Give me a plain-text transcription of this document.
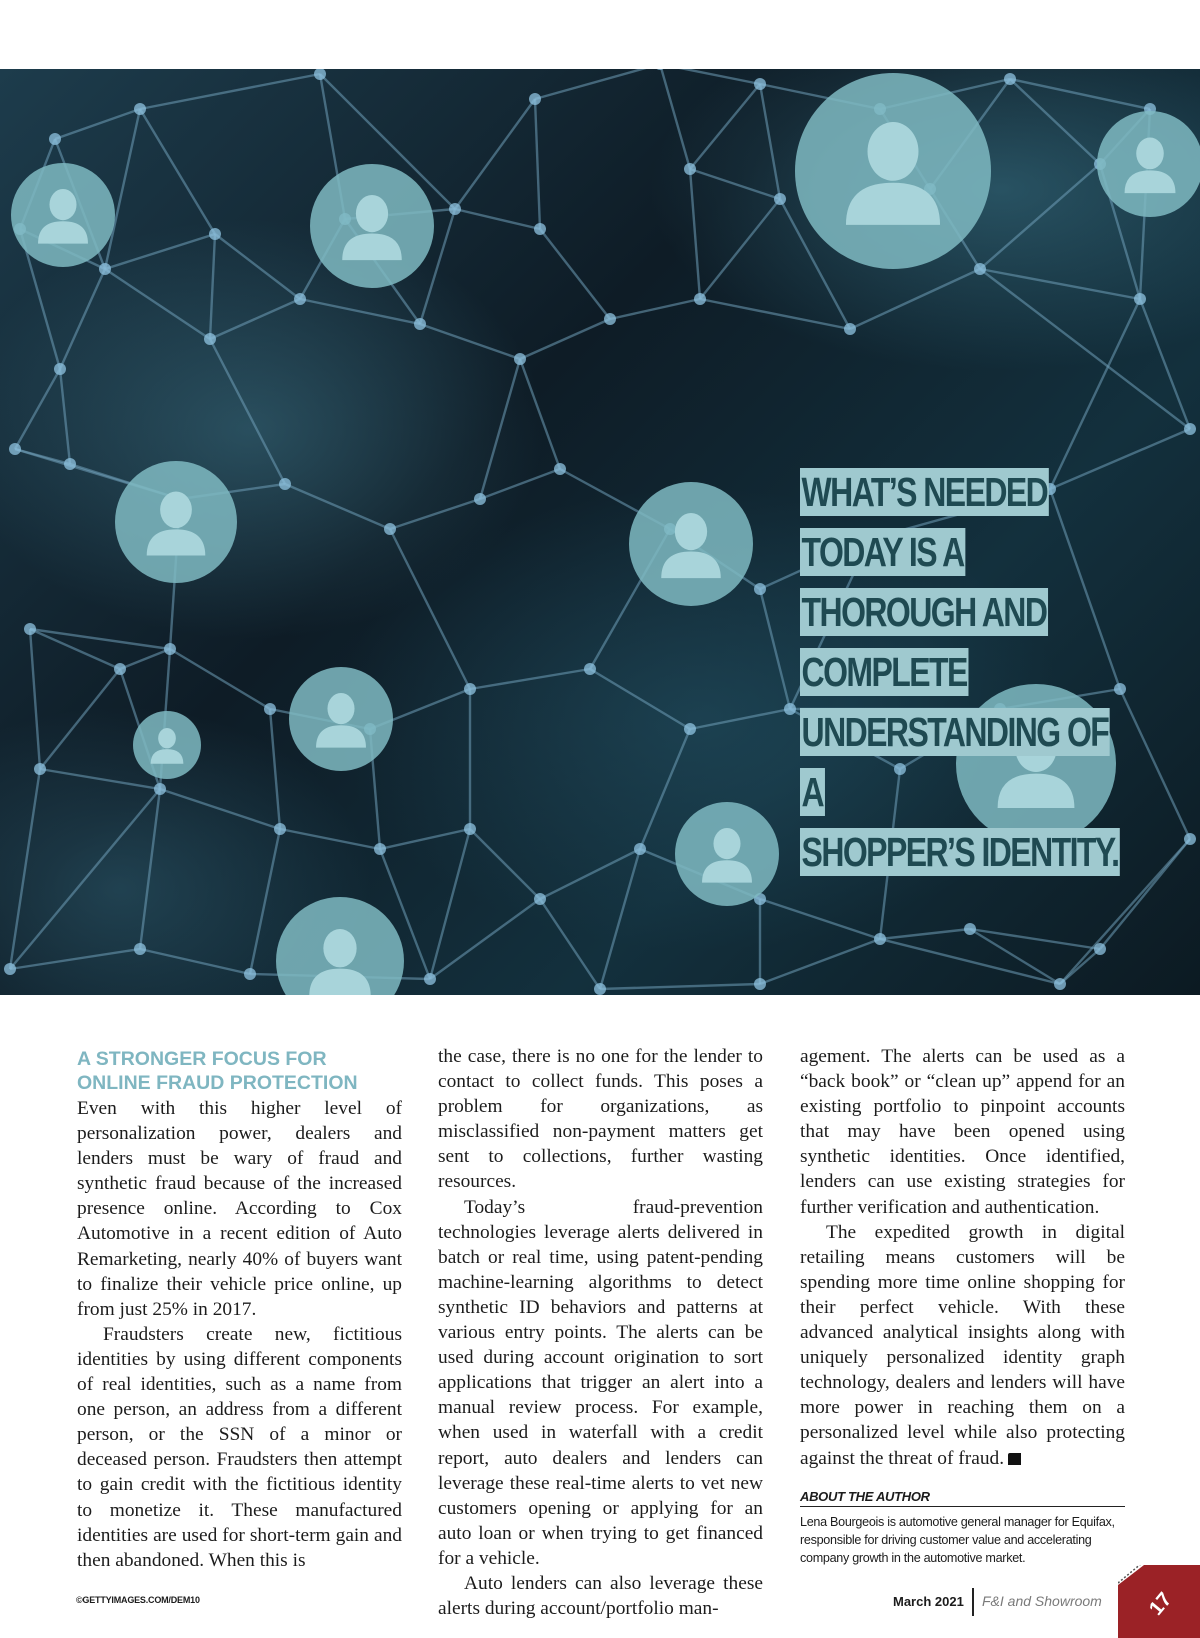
WHAT’S NEEDED TODAY IS A
THOROUGH AND COMPLETE
UNDERSTANDING OF A
SHOPPER’S IDENTITY.
A STRONGER FOCUS FOR ONLINE FRAUD PROTECTION

Even with this higher level of personalization power, dealers and lenders must be wary of fraud and synthetic fraud because of the increased presence online. According to Cox Automotive in a recent edition of Auto Remarketing, nearly 40% of buyers want to finalize their vehicle price online, up from just 25% in 2017.

Fraudsters create new, fictitious identities by using different components of real identities, such as a name from one person, an address from a different person, or the SSN of a minor or deceased person. Fraudsters then attempt to gain credit with the fictitious identity to monetize it. These manufactured identities are used for short-term gain and then abandoned. When this is

the case, there is no one for the lender to contact to collect funds. This poses a problem for organizations, as misclassified non-payment matters get sent to collections, further wasting resources.

Today’s fraud-prevention technologies leverage alerts delivered in batch or real time, using patent-pending machine-learning algorithms to detect synthetic ID behaviors and patterns at various entry points. The alerts can be used during account origination to sort applications that trigger an alert into a manual review process. For example, when used in waterfall with a credit report, auto dealers and lenders can leverage these real-time alerts to vet new customers opening or applying for an auto loan or when trying to get financed for a vehicle.

Auto lenders can also leverage these alerts during account/portfolio man-

agement. The alerts can be used as a “back book” or “clean up” append for an existing portfolio to pinpoint accounts that may have been opened using synthetic identities. Once identified, lenders can use existing strategies for further verification and authentication.

The expedited growth in digital retailing means customers will be spending more time online shopping for their perfect vehicle. With these advanced analytical insights along with uniquely personalized identity graph technology, dealers and lenders will have more power in reaching them on a personalized level while also protecting against the threat of fraud.

ABOUT THE AUTHOR
Lena Bourgeois is automotive general manager for Equifax, responsible for driving customer value and accelerating company growth in the automotive market.
©GETTYIMAGES.COM/DEM10	March 2021 F&I and Showroom 17
